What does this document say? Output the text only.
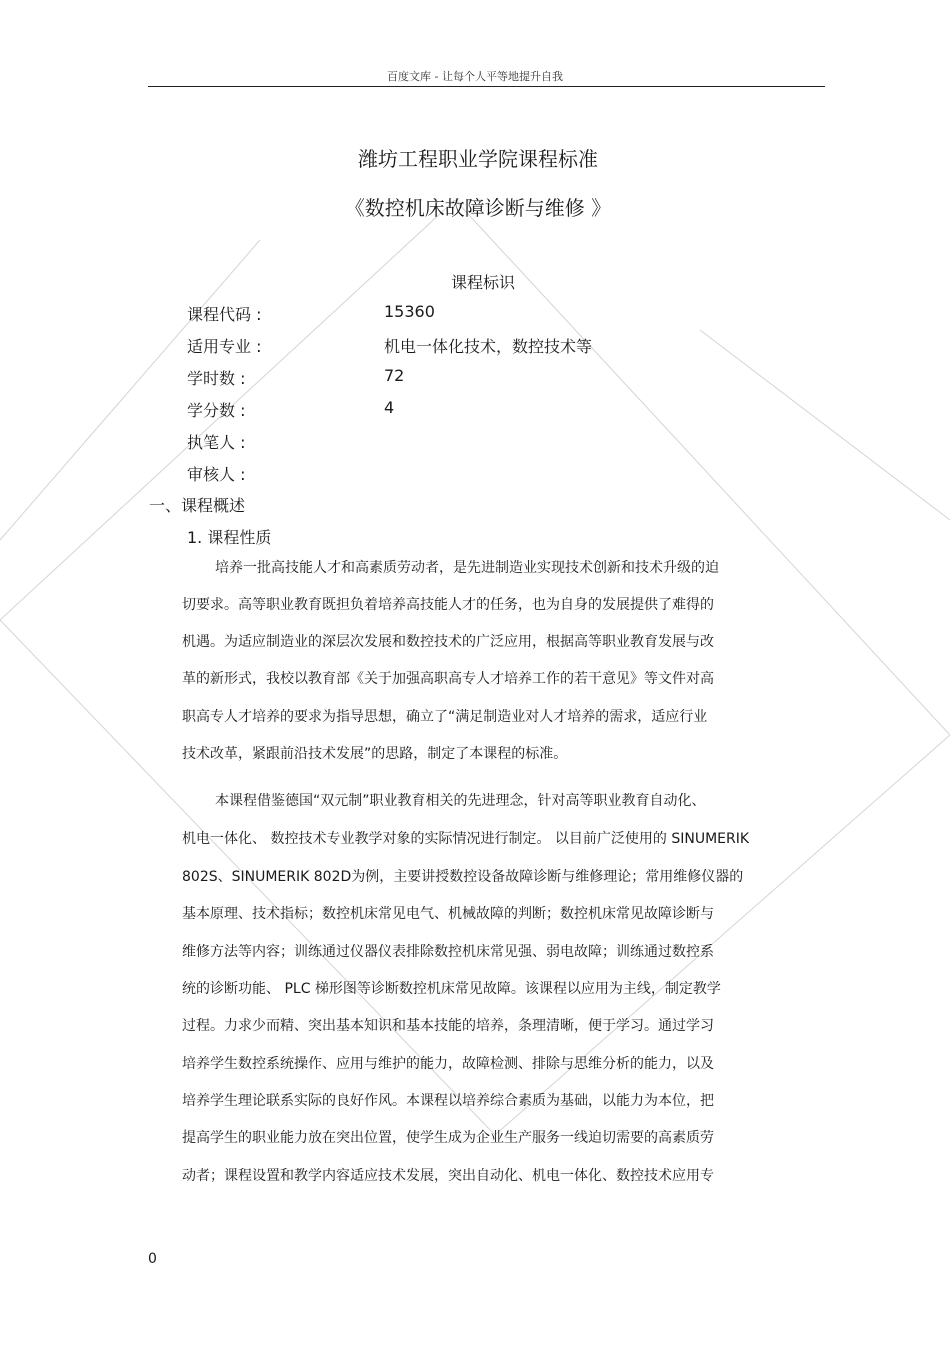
百度文库 - 让每个人平等地提升自我
潍坊工程职业学院课程标准
《数控机床故障诊断与维修 》
课程标识
课程代码 :	15360
适用专业 :	机电一体化技术，数控技术等
学时数 :	72
学分数 :	4
执笔人 :
审核人 :
一、课程概述
1. 课程性质
培养一批高技能人才和高素质劳动者，是先进制造业实现技术创新和技术升级的迫
切要求。高等职业教育既担负着培养高技能人才的任务，也为自身的发展提供了难得的
机遇。为适应制造业的深层次发展和数控技术的广泛应用，根据高等职业教育发展与改
革的新形式，我校以教育部《关于加强高职高专人才培养工作的若干意见》等文件对高
职高专人才培养的要求为指导思想，确立了“满足制造业对人才培养的需求，适应行业
技术改革，紧跟前沿技术发展”的思路，制定了本课程的标准。
本课程借鉴德国“双元制”职业教育相关的先进理念，针对高等职业教育自动化、
机电一体化、 数控技术专业教学对象的实际情况进行制定。 以目前广泛使用的 SINUMERIK
802S、SINUMERIK 802D为例，主要讲授数控设备故障诊断与维修理论；常用维修仪器的
基本原理、技术指标；数控机床常见电气、机械故障的判断；数控机床常见故障诊断与
维修方法等内容；训练通过仪器仪表排除数控机床常见强、弱电故障；训练通过数控系
统的诊断功能、 PLC 梯形图等诊断数控机床常见故障。该课程以应用为主线，制定教学
过程。力求少而精、突出基本知识和基本技能的培养，条理清晰，便于学习。通过学习
培养学生数控系统操作、应用与维护的能力，故障检测、排除与思维分析的能力，以及
培养学生理论联系实际的良好作风。本课程以培养综合素质为基础，以能力为本位，把
提高学生的职业能力放在突出位置，使学生成为企业生产服务一线迫切需要的高素质劳
动者；课程设置和教学内容适应技术发展，突出自动化、机电一体化、数控技术应用专
0
